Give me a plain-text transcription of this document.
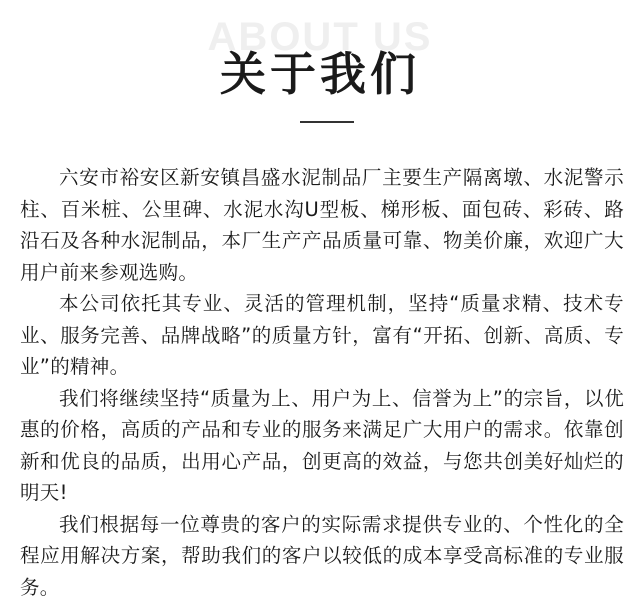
ABOUT US
关于我们

六安市裕安区新安镇昌盛水泥制品厂主要生产隔离墩、水泥警示柱、百米桩、公里碑、水泥水沟U型板、梯形板、面包砖、彩砖、路沿石及各种水泥制品，本厂生产产品质量可靠、物美价廉，欢迎广大用户前来参观选购。

本公司依托其专业、灵活的管理机制，坚持“质量求精、技术专业、服务完善、品牌战略”的质量方针，富有“开拓、创新、高质、专业”的精神。

我们将继续坚持“质量为上、用户为上、信誉为上”的宗旨，以优惠的价格，高质的产品和专业的服务来满足广大用户的需求。依靠创新和优良的品质，出用心产品，创更高的效益，与您共创美好灿烂的明天!

我们根据每一位尊贵的客户的实际需求提供专业的、个性化的全程应用解决方案，帮助我们的客户以较低的成本享受高标准的专业服务。
